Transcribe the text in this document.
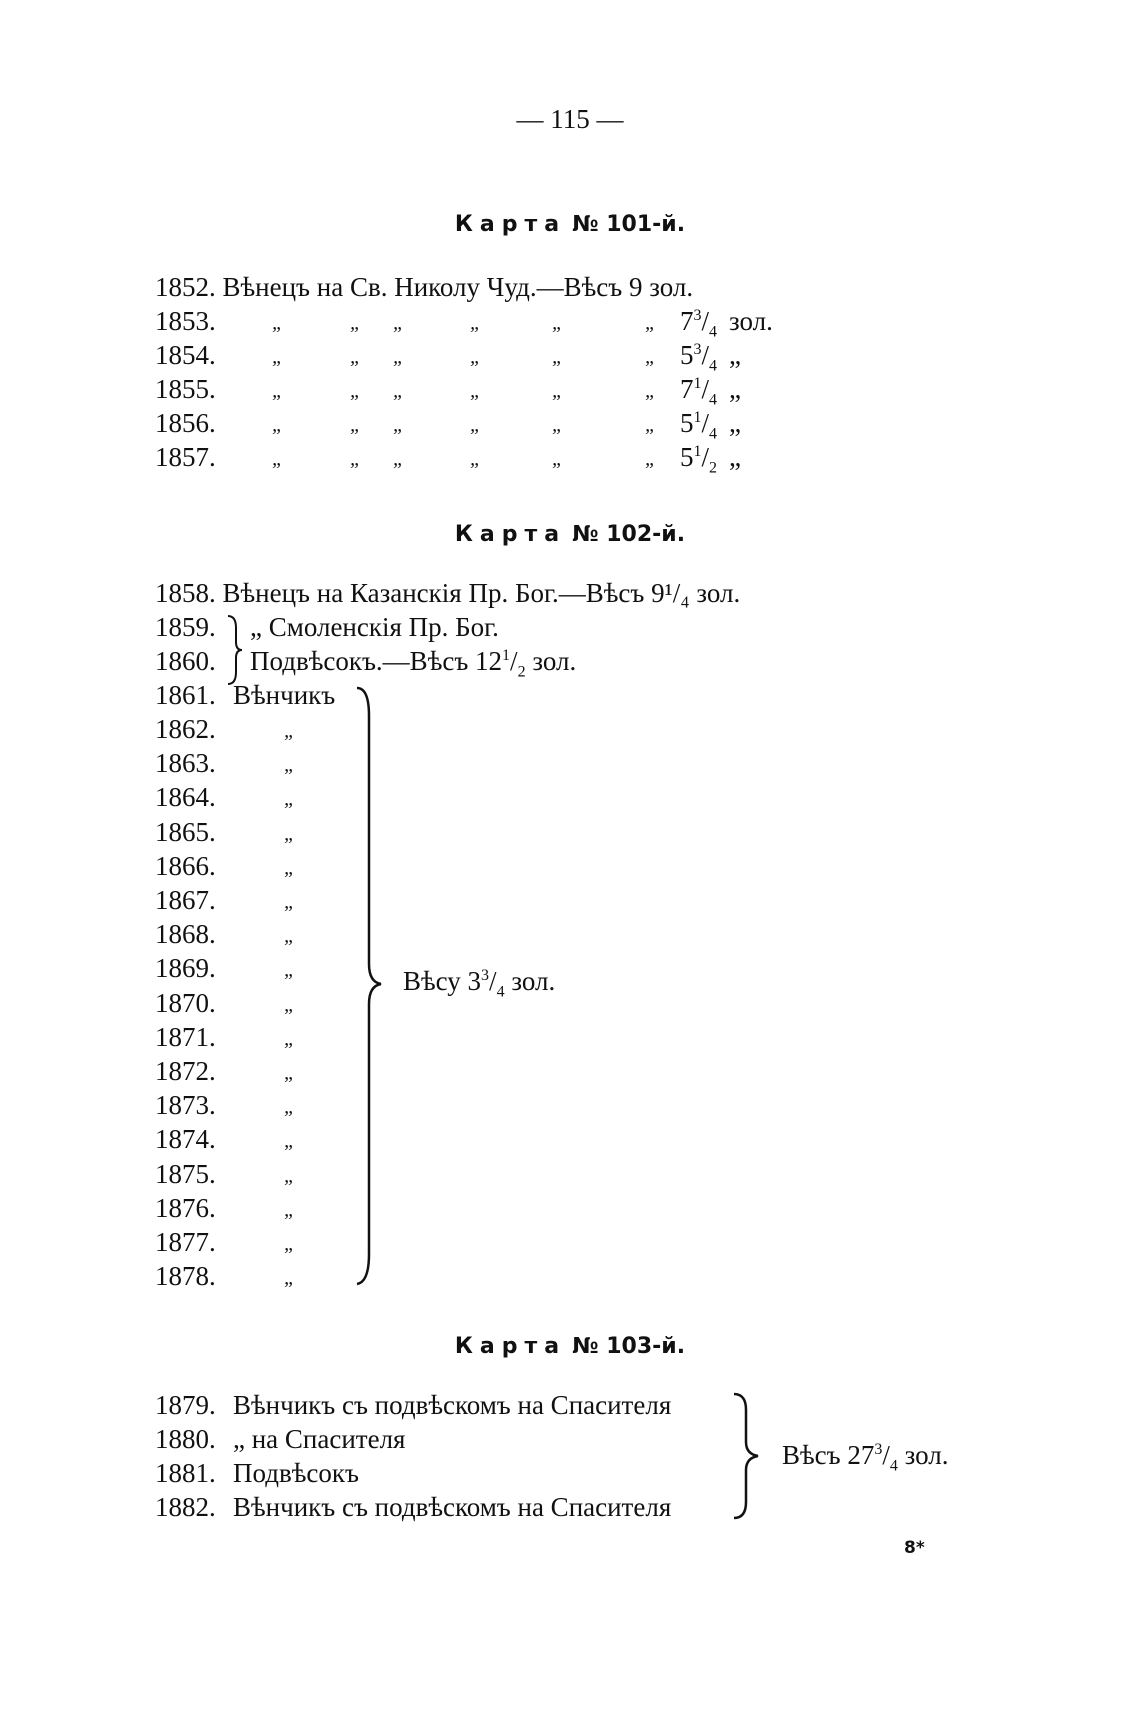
— 115 —
Карта № 101-й.
1852. Вѣнецъ на Св. Николу Чуд.—Вѣсъ 9 зол.
1853.	„	„ „	„	„	„ $7^3/_4$ зол.
1854.	„	„ „	„	„	„ $5^3/_4$ „
1855.	„	„ „	„	„	„ $7^1/_4$ „
1856.	„	„ „	„	„	„ $5^1/_4$ „
1857.	„	„ „	„	„	„ $5^1/_2$ „
Карта № 102-й.
1858. Вѣнецъ на Казанскія Пр. Бог.—Вѣсъ 9¹/₄ зол.
1859. „ Смоленскія Пр. Бог.
1860. Подвѣсокъ.—Вѣсъ $12^1/_2$ зол.
1861. Вѣнчикъ
1862.	„
1863.	„
1864.	„
1865.	„
1866.	„
1867.	„
1868.	„
1869.	„
1870.	„
1871.	„
1872.	„
1873.	„
1874.	„
1875.	„
1876.	„
1877.	„
1878.	„
Вѣсу $3^3/_4$ зол.
Карта № 103-й.
1879. Вѣнчикъ съ подвѣскомъ на Спасителя
1880. „ на Спасителя
1881. Подвѣсокъ
1882. Вѣнчикъ съ подвѣскомъ на Спасителя
Вѣсъ $27^3/_4$ зол.
8*
